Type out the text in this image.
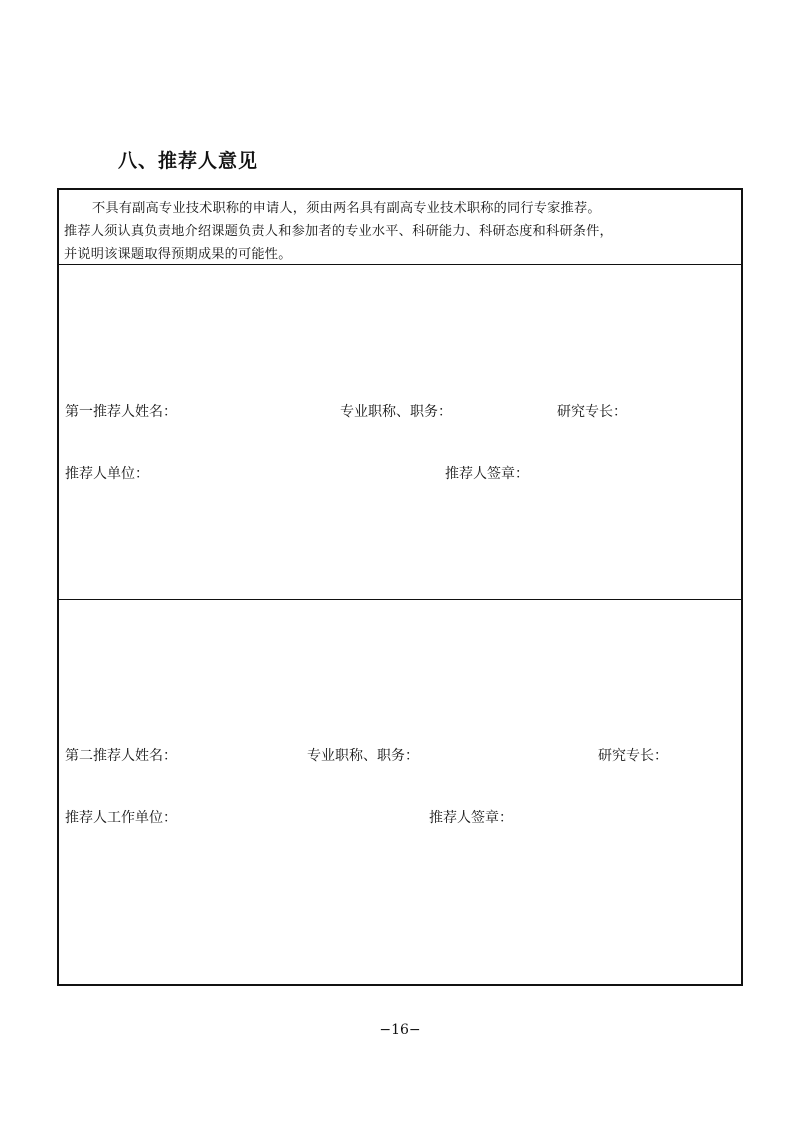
八、推荐人意见

不具有副高专业技术职称的申请人，须由两名具有副高专业技术职称的同行专家推荐。

推荐人须认真负责地介绍课题负责人和参加者的专业水平、科研能力、科研态度和科研条件，

并说明该课题取得预期成果的可能性。

第一推荐人姓名：	专业职称、职务：	研究专长：
推荐人单位：	推荐人签章：
第二推荐人姓名：	专业职称、职务：	研究专长：
推荐人工作单位：	推荐人签章：
−16−
